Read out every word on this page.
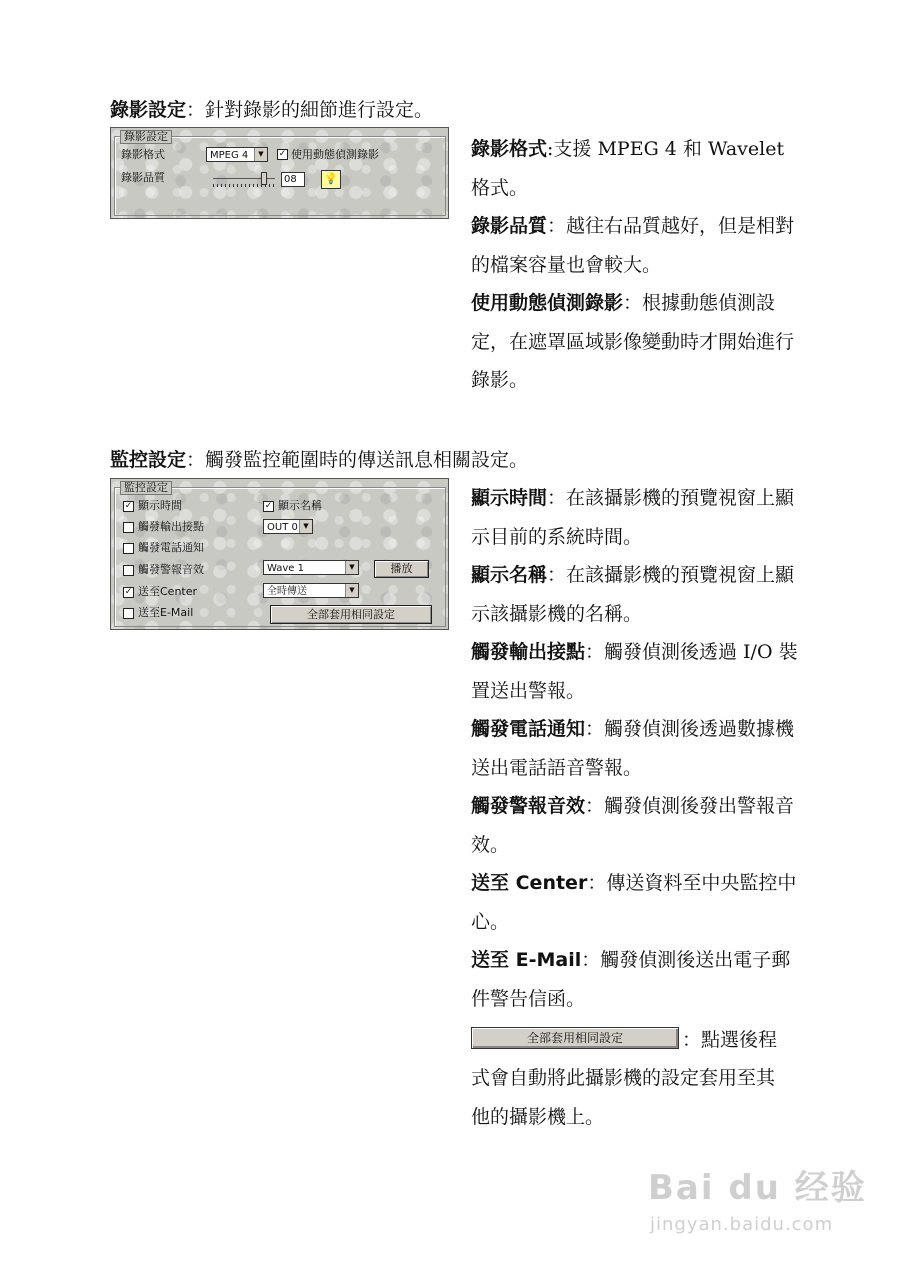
錄影設定：針對錄影的細節進行設定。
錄影設定
錄影格式	MPEG 4	▼	✓ 使用動態偵測錄影
錄影品質	08	💡

錄影格式:支援 MPEG 4 和 Wavelet 格式。

錄影品質：越往右品質越好，但是相對的檔案容量也會較大。

使用動態偵測錄影：根據動態偵測設定，在遮罩區域影像變動時才開始進行錄影。

監控設定：觸發監控範圍時的傳送訊息相關設定。
監控設定
✓ 顯示時間	✓ 顯示名稱
觸發輸出接點	OUT 0 ▼
觸發電話通知
觸發警報音效	Wave 1	▼	播放
✓ 送至Center	全時傳送	▼
送至E-Mail	全部套用相同設定

顯示時間：在該攝影機的預覽視窗上顯示目前的系統時間。

顯示名稱：在該攝影機的預覽視窗上顯示該攝影機的名稱。

觸發輸出接點：觸發偵測後透過 I/O 裝置送出警報。

觸發電話通知：觸發偵測後透過數據機送出電話語音警報。

觸發警報音效：觸發偵測後發出警報音效。

送至 Center：傳送資料至中央監控中心。

送至 E-Mail：觸發偵測後送出電子郵件警告信函。

全部套用相同設定	：點選後程

式會自動將此攝影機的設定套用至其他的攝影機上。

Bai du 经验
jingyan.baidu.com
